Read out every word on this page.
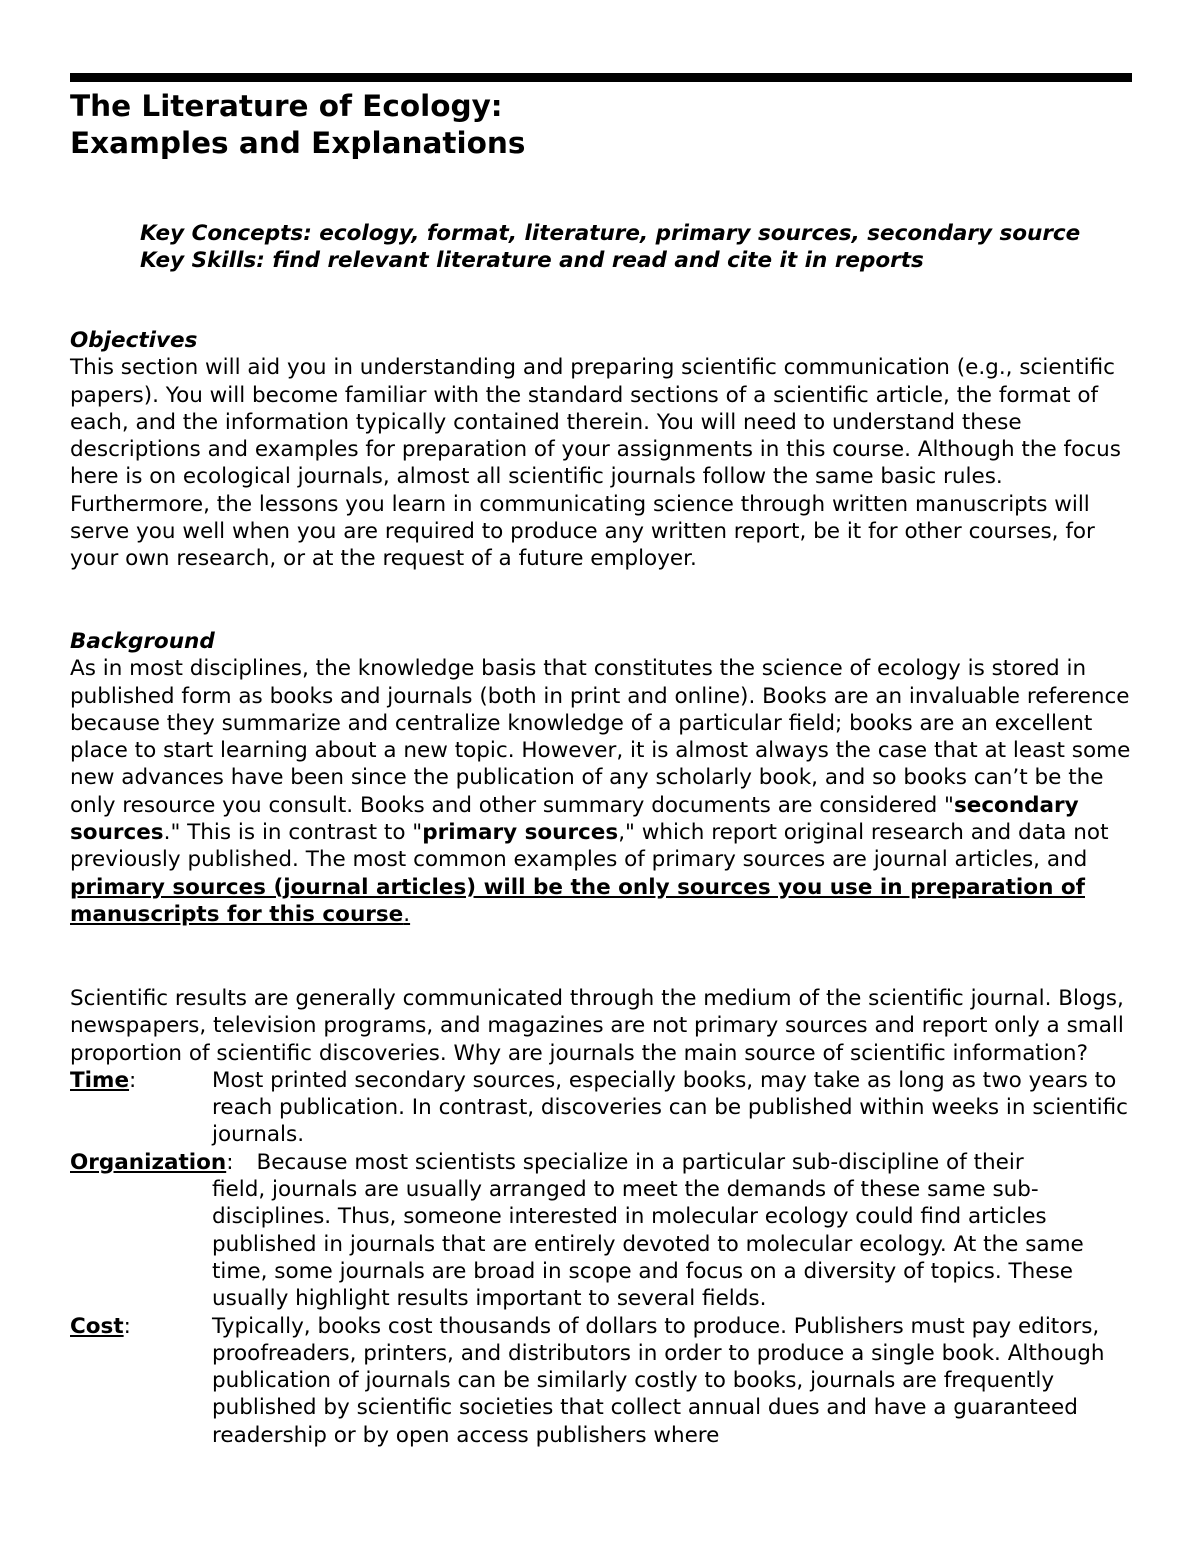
The Literature of Ecology:
Examples and Explanations

Key Concepts: ecology, format, literature, primary sources, secondary source

Key Skills: find relevant literature and read and cite it in reports

Objectives

This section will aid you in understanding and preparing scientific communication (e.g., scientific papers). You will become familiar with the standard sections of a scientific article, the format of each, and the information typically contained therein. You will need to understand these descriptions and examples for preparation of your assignments in this course. Although the focus here is on ecological journals, almost all scientific journals follow the same basic rules. Furthermore, the lessons you learn in communicating science through written manuscripts will serve you well when you are required to produce any written report, be it for other courses, for your own research, or at the request of a future employer.

Background

As in most disciplines, the knowledge basis that constitutes the science of ecology is stored in published form as books and journals (both in print and online). Books are an invaluable reference because they summarize and centralize knowledge of a particular field; books are an excellent place to start learning about a new topic. However, it is almost always the case that at least some new advances have been since the publication of any scholarly book, and so books can’t be the only resource you consult. Books and other summary documents are considered "secondary sources." This is in contrast to "primary sources," which report original research and data not previously published. The most common examples of primary sources are journal articles, and primary sources (journal articles) will be the only sources you use in preparation of manuscripts for this course.

Scientific results are generally communicated through the medium of the scientific journal. Blogs, newspapers, television programs, and magazines are not primary sources and report only a small proportion of scientific discoveries. Why are journals the main source of scientific information?

Time:	Most printed secondary sources, especially books, may take as long as two years to reach publication. In contrast, discoveries can be published within weeks in scientific journals.
Organization: Because most scientists specialize in a particular sub-discipline of their
field, journals are usually arranged to meet the demands of these same sub-disciplines. Thus, someone interested in molecular ecology could find articles published in journals that are entirely devoted to molecular ecology. At the same time, some journals are broad in scope and focus on a diversity of topics. These usually highlight results important to several fields.
Cost:	Typically, books cost thousands of dollars to produce. Publishers must pay editors, proofreaders, printers, and distributors in order to produce a single book. Although publication of journals can be similarly costly to books, journals are frequently published by scientific societies that collect annual dues and have a guaranteed readership or by open access publishers where
